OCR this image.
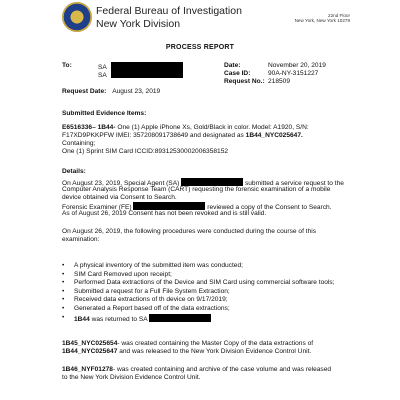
Federal Bureau of Investigation
New York Division
22nd Floor
New York, New York 10278
PROCESS REPORT
To:	SA
SA
Date:	November 20, 2019
Case ID:	90A-NY-3151227
Request No.: 218509
Request Date: August 23, 2019
Submitted Evidence Items:
E6516336– 1B44- One (1) Apple iPhone Xs, Gold/Black in color. Model: A1920, S/N:
F17XD9PKKPFW IMEI: 357208091738649 and designated as 1B44_NYC025647.
Containing;
One (1) Sprint SIM Card ICCID:89312530002006358152
Details:
On August 23, 2019, Special Agent (SA)	submitted a service request to the
Computer Analysis Response Team (CART) requesting the forensic examination of a mobile
device obtained via Consent to Search.
Forensic Examiner (FE)	reviewed a copy of the Consent to Search.
As of August 26, 2019 Consent has not been revoked and is still valid.
On August 26, 2019, the following procedures were conducted during the course of this
examination:
• A physical inventory of the submitted item was conducted;
• SIM Card Removed upon receipt;
• Performed Data extractions of the Device and SIM Card using commercial software tools;
• Submitted a request for a Full File System Extraction;
• Received data extractions of th device on 9/17/2019;
• Generated a Report based off of the data extractions;
• 1B44 was returned to SA
1B45_NYC025654- was created containing the Master Copy of the data extractions of
1B44_NYC025647 and was released to the New York Division Evidence Control Unit.
1B46_NYF01278- was created containing and archive of the case volume and was released
to the New York Division Evidence Control Unit.
